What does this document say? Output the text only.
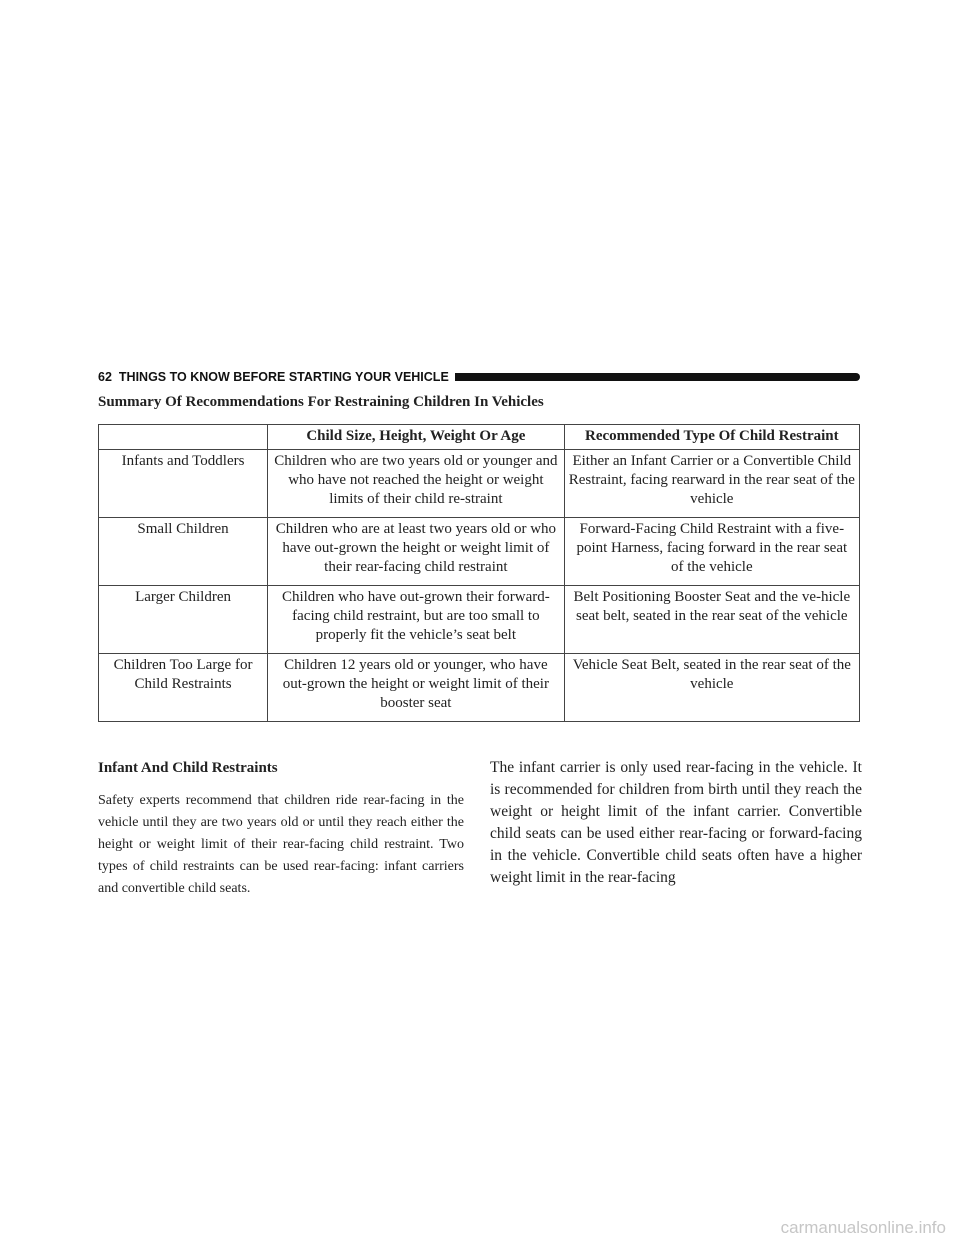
62 THINGS TO KNOW BEFORE STARTING YOUR VEHICLE
Summary Of Recommendations For Restraining Children In Vehicles
	Child Size, Height, Weight Or Age	Recommended Type Of Child Restraint
Infants and Toddlers	Children who are two years old or younger and who have not reached the height or weight limits of their child re-straint	Either an Infant Carrier or a Convertible Child Restraint, facing rearward in the rear seat of the vehicle
Small Children	Children who are at least two years old or who have out-grown the height or weight limit of their rear-facing child restraint	Forward-Facing Child Restraint with a five-point Harness, facing forward in the rear seat of the vehicle
Larger Children	Children who have out-grown their forward-facing child restraint, but are too small to properly fit the vehicle’s seat belt	Belt Positioning Booster Seat and the ve-hicle seat belt, seated in the rear seat of the vehicle
Children Too Large for Child Restraints	Children 12 years old or younger, who have out-grown the height or weight limit of their booster seat	Vehicle Seat Belt, seated in the rear seat of the vehicle
Infant And Child Restraints

Safety experts recommend that children ride rear-facing in the vehicle until they are two years old or until they reach either the height or weight limit of their rear-facing child restraint. Two types of child restraints can be used rear-facing: infant carriers and convertible child seats.

The infant carrier is only used rear-facing in the vehicle. It is recommended for children from birth until they reach the weight or height limit of the infant carrier. Convertible child seats can be used either rear-facing or forward-facing in the vehicle. Convertible child seats often have a higher weight limit in the rear-facing

carmanualsonline.info
